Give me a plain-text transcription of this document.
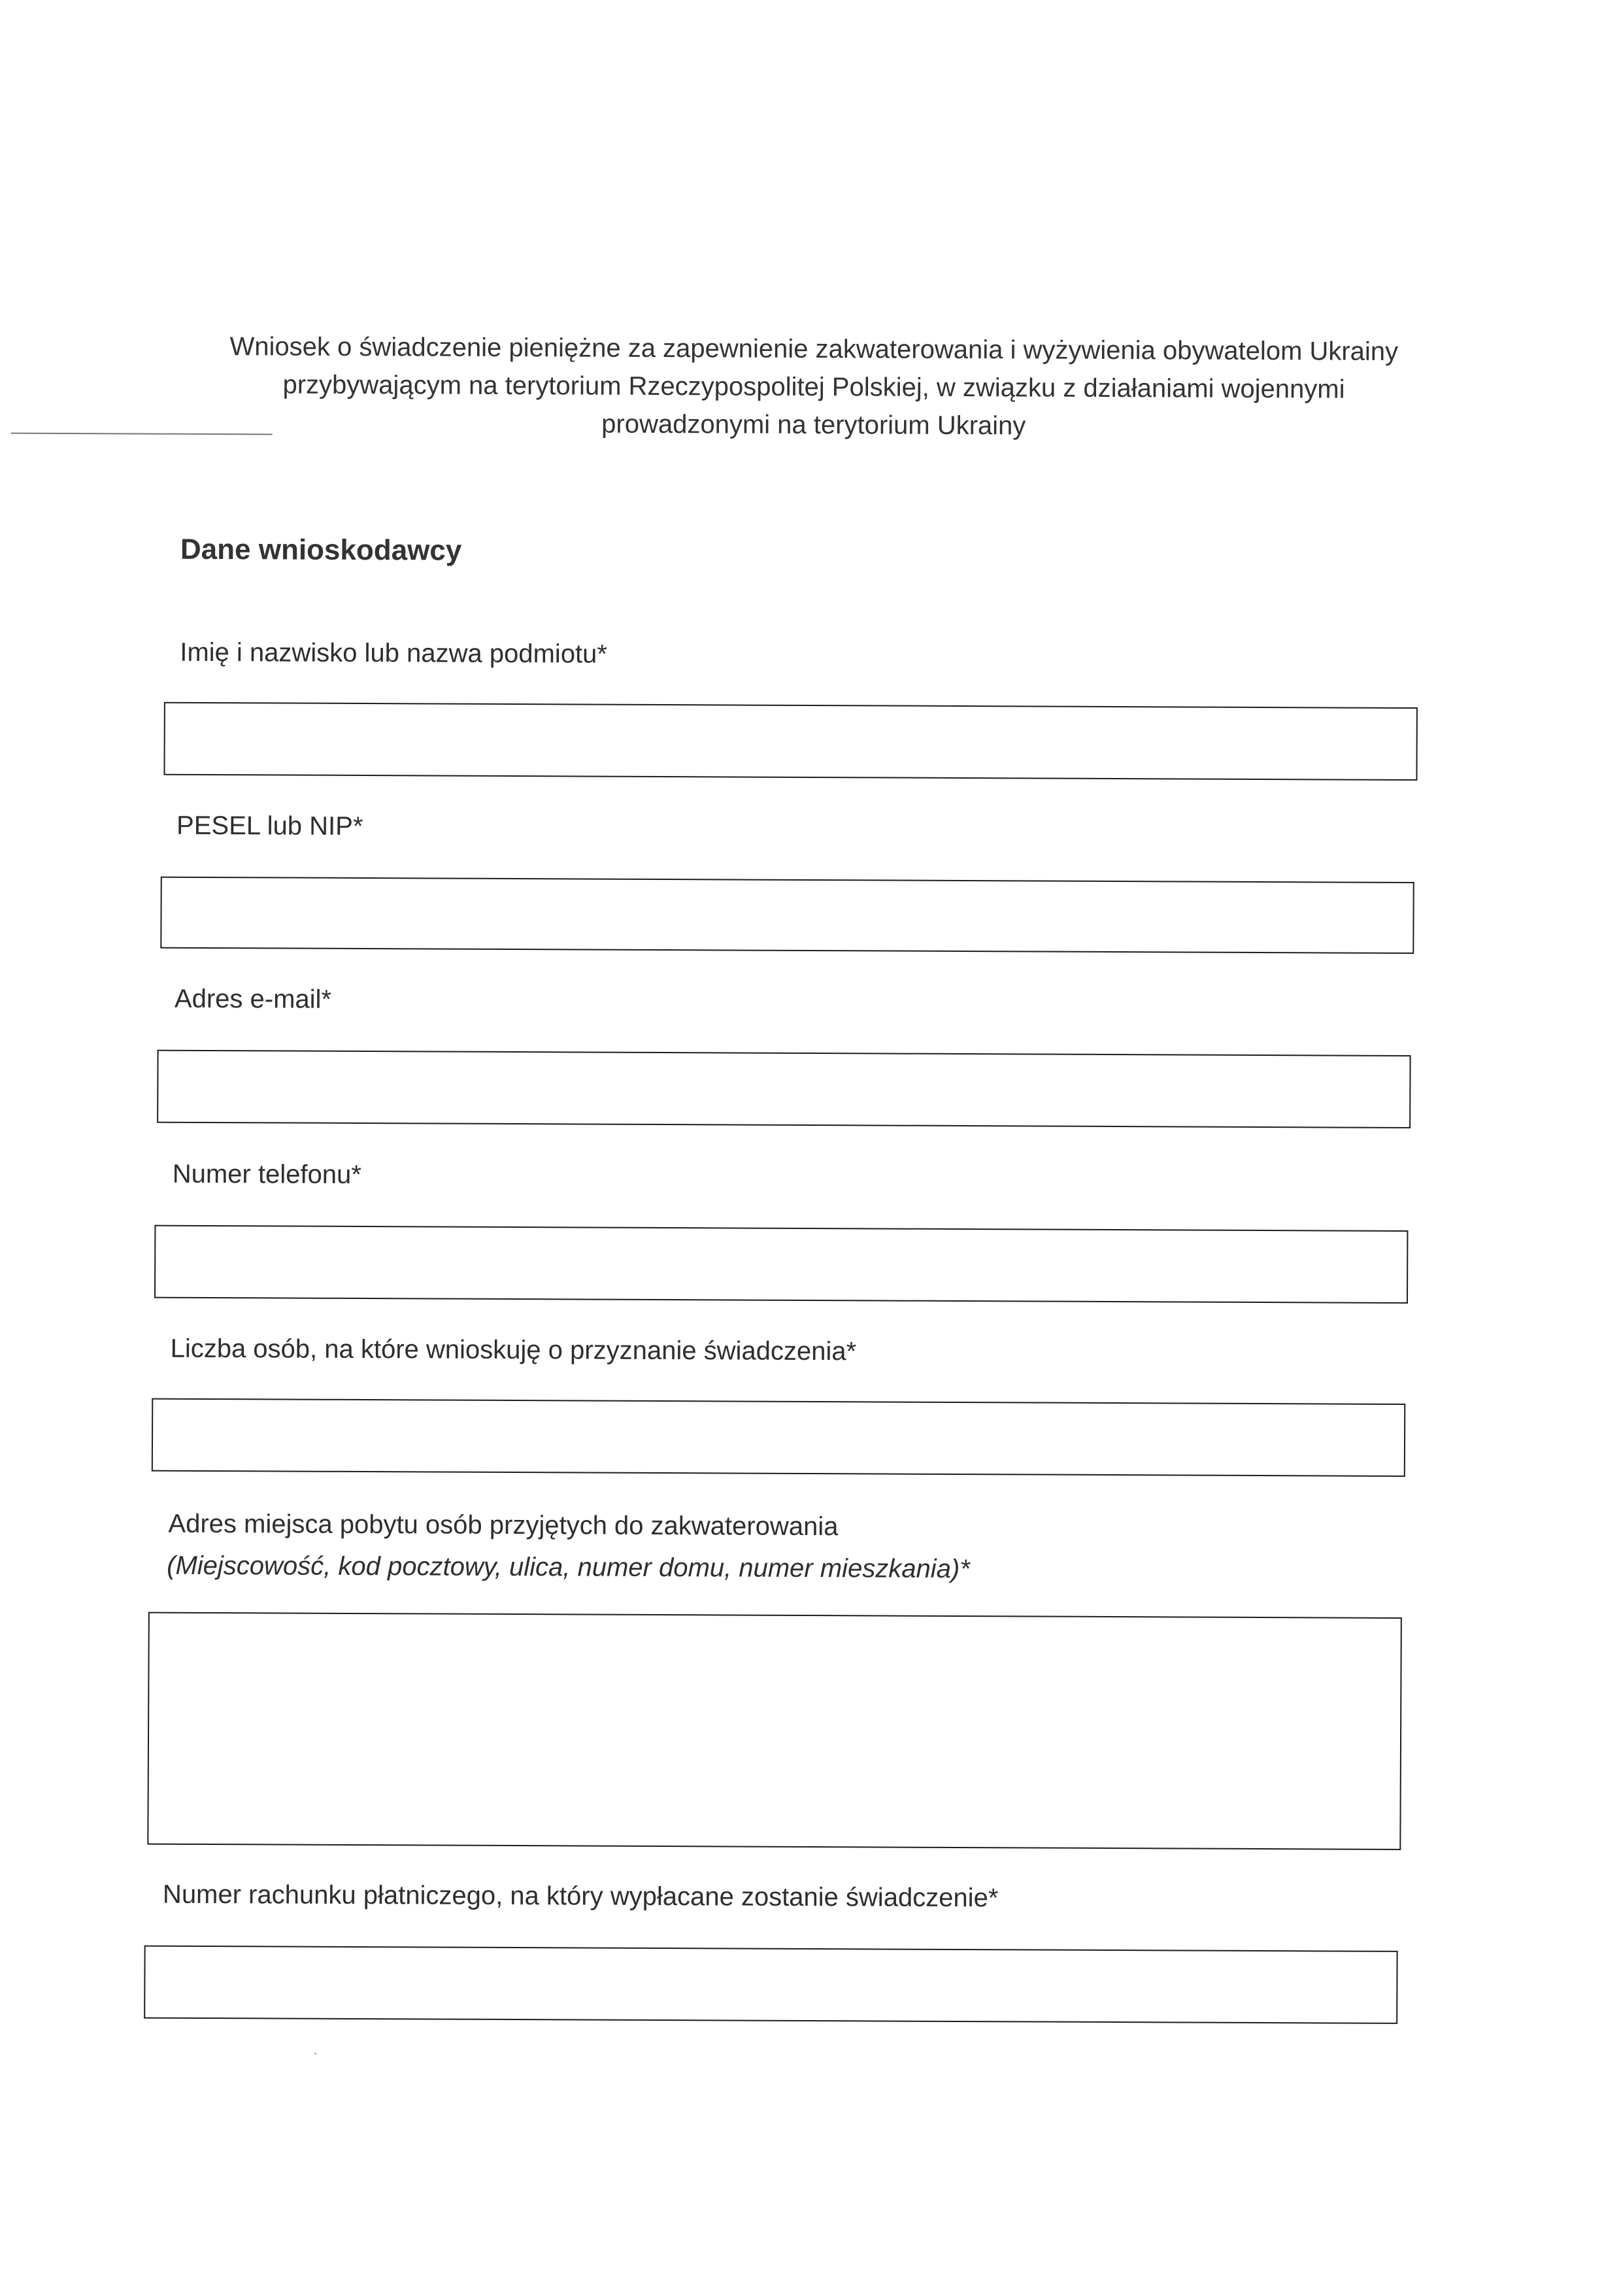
Wniosek o świadczenie pieniężne za zapewnienie zakwaterowania i wyżywienia obywatelom Ukrainy
przybywającym na terytorium Rzeczypospolitej Polskiej, w związku z działaniami wojennymi
prowadzonymi na terytorium Ukrainy
Dane wnioskodawcy
Imię i nazwisko lub nazwa podmiotu*
PESEL lub NIP*
Adres e-mail*
Numer telefonu*
Liczba osób, na które wnioskuję o przyznanie świadczenia*
Adres miejsca pobytu osób przyjętych do zakwaterowania
(Miejscowość, kod pocztowy, ulica, numer domu, numer mieszkania)*
Numer rachunku płatniczego, na który wypłacane zostanie świadczenie*
